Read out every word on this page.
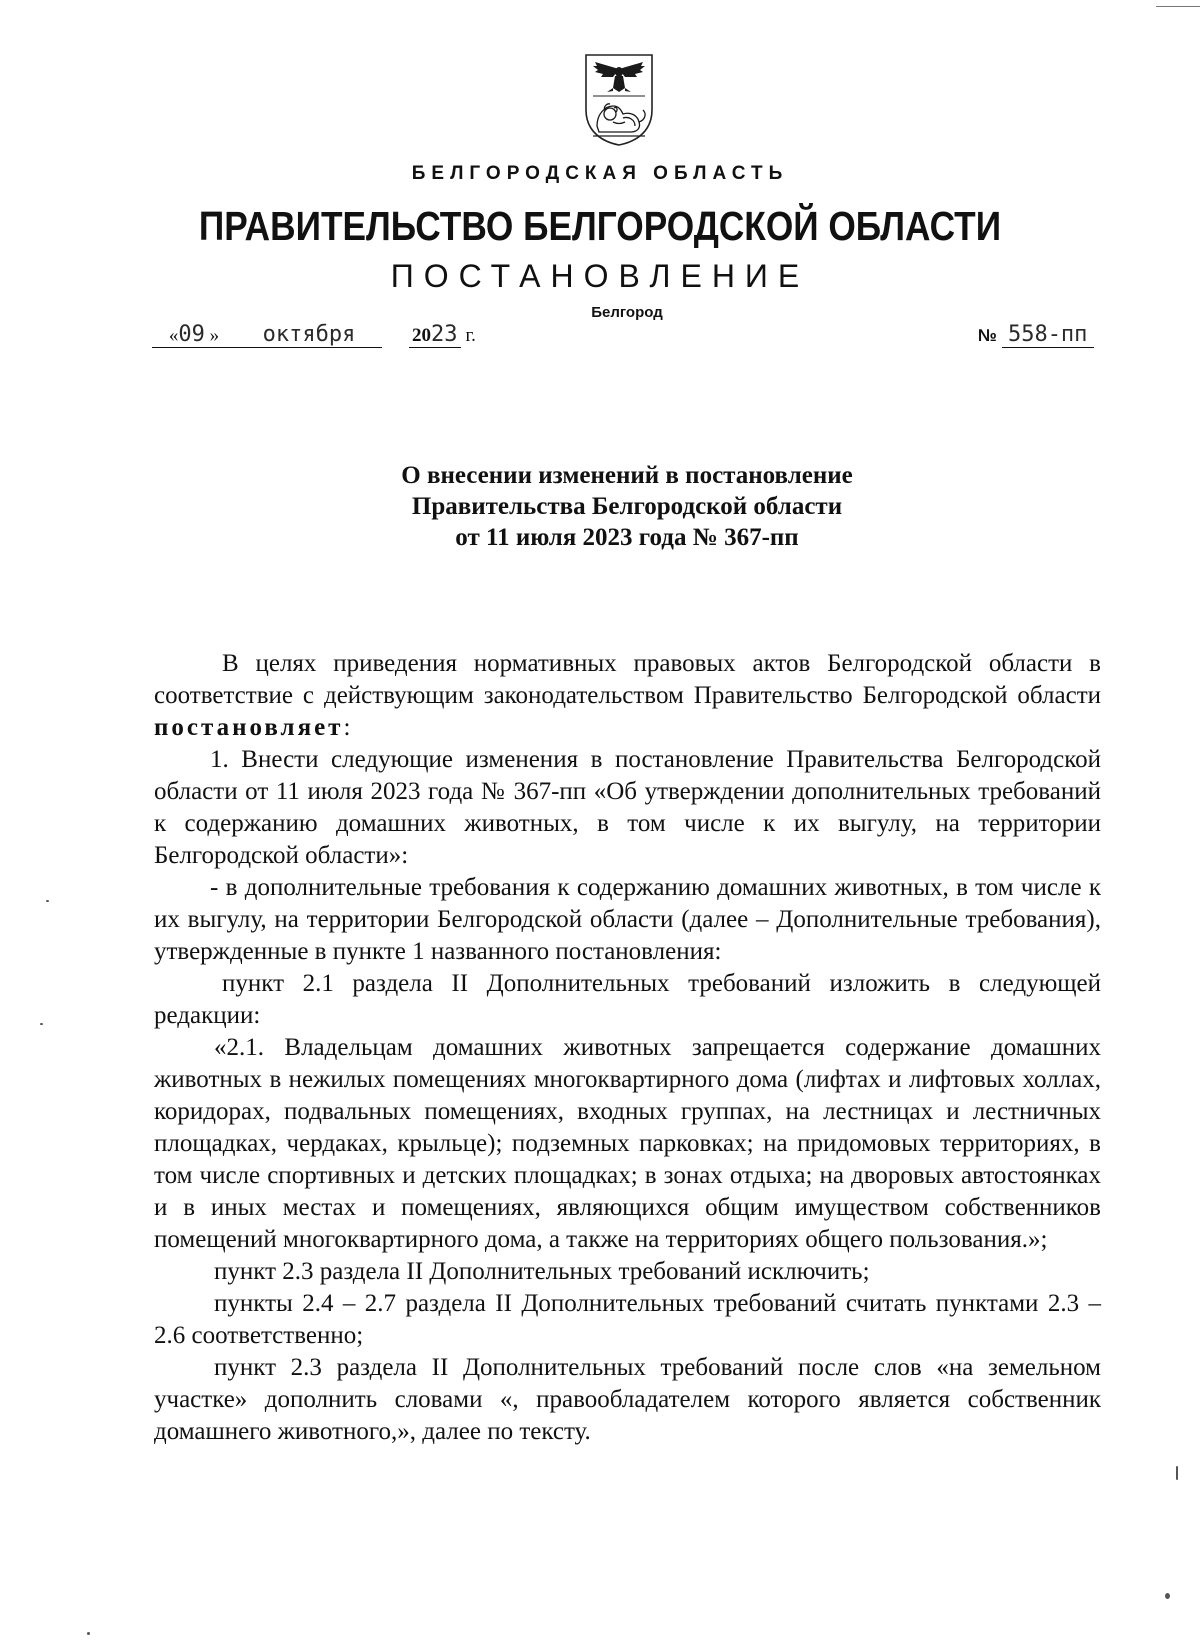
БЕЛГОРОДСКАЯ ОБЛАСТЬ
ПРАВИТЕЛЬСТВО БЕЛГОРОДСКОЙ ОБЛАСТИ
ПОСТАНОВЛЕНИЕ
Белгород
«09 » октября	2023 г.	№ 558-пп
О внесении изменений в постановление
Правительства Белгородской области
от 11 июля 2023 года № 367-пп

В целях приведения нормативных правовых актов Белгородской области в соответствие с действующим законодательством Правительство Белгородской области постановляет:

1. Внести следующие изменения в постановление Правительства Белгородской области от 11 июля 2023 года № 367-пп «Об утверждении дополнительных требований к содержанию домашних животных, в том числе к их выгулу, на территории Белгородской области»:

- в дополнительные требования к содержанию домашних животных, в том числе к их выгулу, на территории Белгородской области (далее – Дополнительные требования), утвержденные в пункте 1 названного постановления:

пункт 2.1 раздела II Дополнительных требований изложить в следующей редакции:

«2.1. Владельцам домашних животных запрещается содержание домашних животных в нежилых помещениях многоквартирного дома (лифтах и лифтовых холлах, коридорах, подвальных помещениях, входных группах, на лестницах и лестничных площадках, чердаках, крыльце); подземных парковках; на придомовых территориях, в том числе спортивных и детских площадках; в зонах отдыха; на дворовых автостоянках и в иных местах и помещениях, являющихся общим имуществом собственников помещений многоквартирного дома, а также на территориях общего пользования.»;

пункт 2.3 раздела II Дополнительных требований исключить;

пункты 2.4 – 2.7 раздела II Дополнительных требований считать пунктами 2.3 – 2.6 соответственно;

пункт 2.3 раздела II Дополнительных требований после слов «на земельном участке» дополнить словами «, правообладателем которого является собственник домашнего животного,», далее по тексту.
